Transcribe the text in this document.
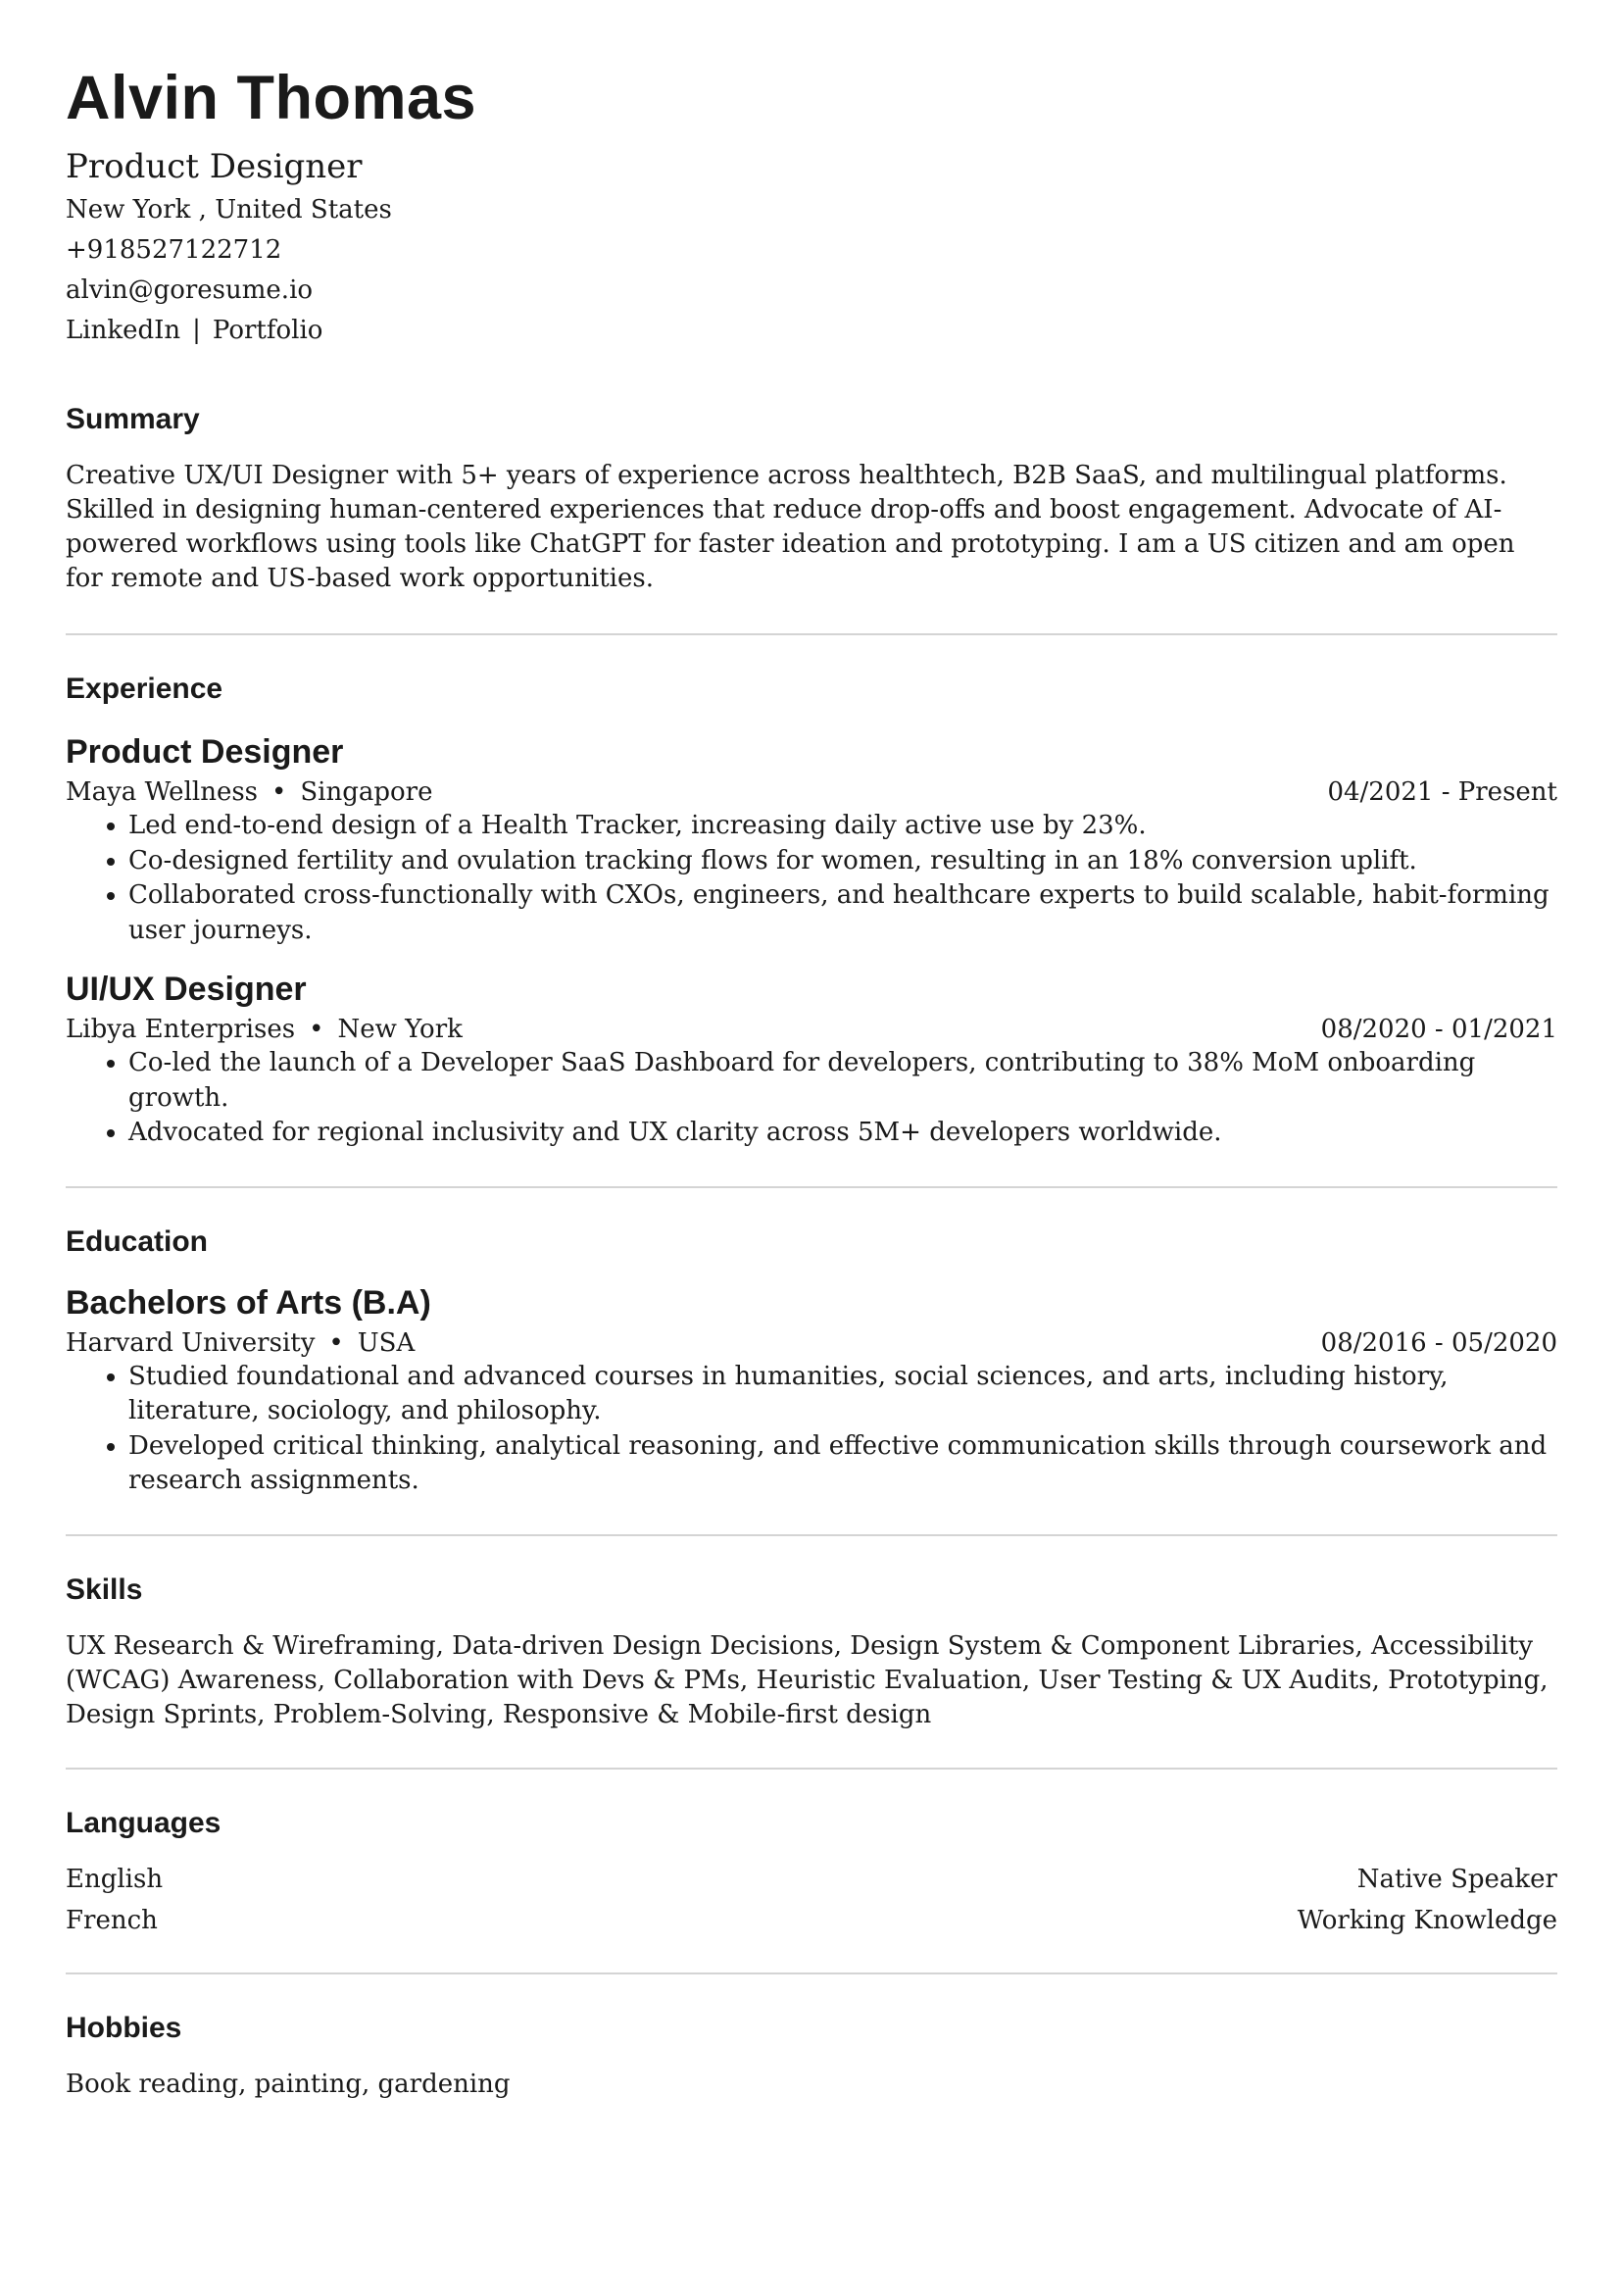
Alvin Thomas
Product Designer
New York , United States
+918527122712
alvin@goresume.io
LinkedIn | Portfolio
Summary
Creative UX/UI Designer with 5+ years of experience across healthtech, B2B SaaS, and multilingual platforms. Skilled in designing human-centered experiences that reduce drop-offs and boost engagement. Advocate of AI-powered workflows using tools like ChatGPT for faster ideation and prototyping. I am a US citizen and am open for remote and US-based work opportunities.
Experience
Product Designer
Maya Wellness • Singapore	04/2021 - Present
• Led end-to-end design of a Health Tracker, increasing daily active use by 23%.
• Co-designed fertility and ovulation tracking flows for women, resulting in an 18% conversion uplift.
• Collaborated cross-functionally with CXOs, engineers, and healthcare experts to build scalable, habit-forming user journeys.
UI/UX Designer
Libya Enterprises • New York	08/2020 - 01/2021
• Co-led the launch of a Developer SaaS Dashboard for developers, contributing to 38% MoM onboarding growth.
• Advocated for regional inclusivity and UX clarity across 5M+ developers worldwide.
Education
Bachelors of Arts (B.A)
Harvard University • USA	08/2016 - 05/2020
• Studied foundational and advanced courses in humanities, social sciences, and arts, including history, literature, sociology, and philosophy.
• Developed critical thinking, analytical reasoning, and effective communication skills through coursework and research assignments.
Skills
UX Research & Wireframing, Data-driven Design Decisions, Design System & Component Libraries, Accessibility (WCAG) Awareness, Collaboration with Devs & PMs, Heuristic Evaluation, User Testing & UX Audits, Prototyping, Design Sprints, Problem-Solving, Responsive & Mobile-first design
Languages
English	Native Speaker
French	Working Knowledge
Hobbies
Book reading, painting, gardening
